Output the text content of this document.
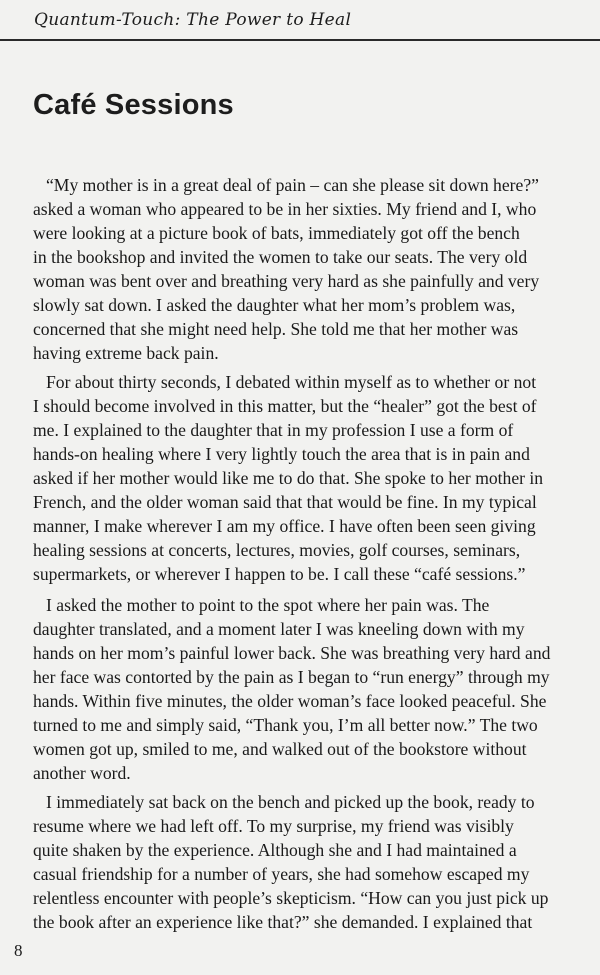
Quantum-Touch: The Power to Heal
Café Sessions

“My mother is in a great deal of pain – can she please sit down here?”
asked a woman who appeared to be in her sixties. My friend and I, who
were looking at a picture book of bats, immediately got off the bench
in the bookshop and invited the women to take our seats. The very old
woman was bent over and breathing very hard as she painfully and very
slowly sat down. I asked the daughter what her mom’s problem was,
concerned that she might need help. She told me that her mother was
having extreme back pain.

For about thirty seconds, I debated within myself as to whether or not
I should become involved in this matter, but the “healer” got the best of
me. I explained to the daughter that in my profession I use a form of
hands-on healing where I very lightly touch the area that is in pain and
asked if her mother would like me to do that. She spoke to her mother in
French, and the older woman said that that would be fine. In my typical
manner, I make wherever I am my office. I have often been seen giving
healing sessions at concerts, lectures, movies, golf courses, seminars,
supermarkets, or wherever I happen to be. I call these “café sessions.”

I asked the mother to point to the spot where her pain was. The
daughter translated, and a moment later I was kneeling down with my
hands on her mom’s painful lower back. She was breathing very hard and
her face was contorted by the pain as I began to “run energy” through my
hands. Within five minutes, the older woman’s face looked peaceful. She
turned to me and simply said, “Thank you, I’m all better now.” The two
women got up, smiled to me, and walked out of the bookstore without
another word.

I immediately sat back on the bench and picked up the book, ready to
resume where we had left off. To my surprise, my friend was visibly
quite shaken by the experience. Although she and I had maintained a
casual friendship for a number of years, she had somehow escaped my
relentless encounter with people’s skepticism. “How can you just pick up
the book after an experience like that?” she demanded. I explained that

8
